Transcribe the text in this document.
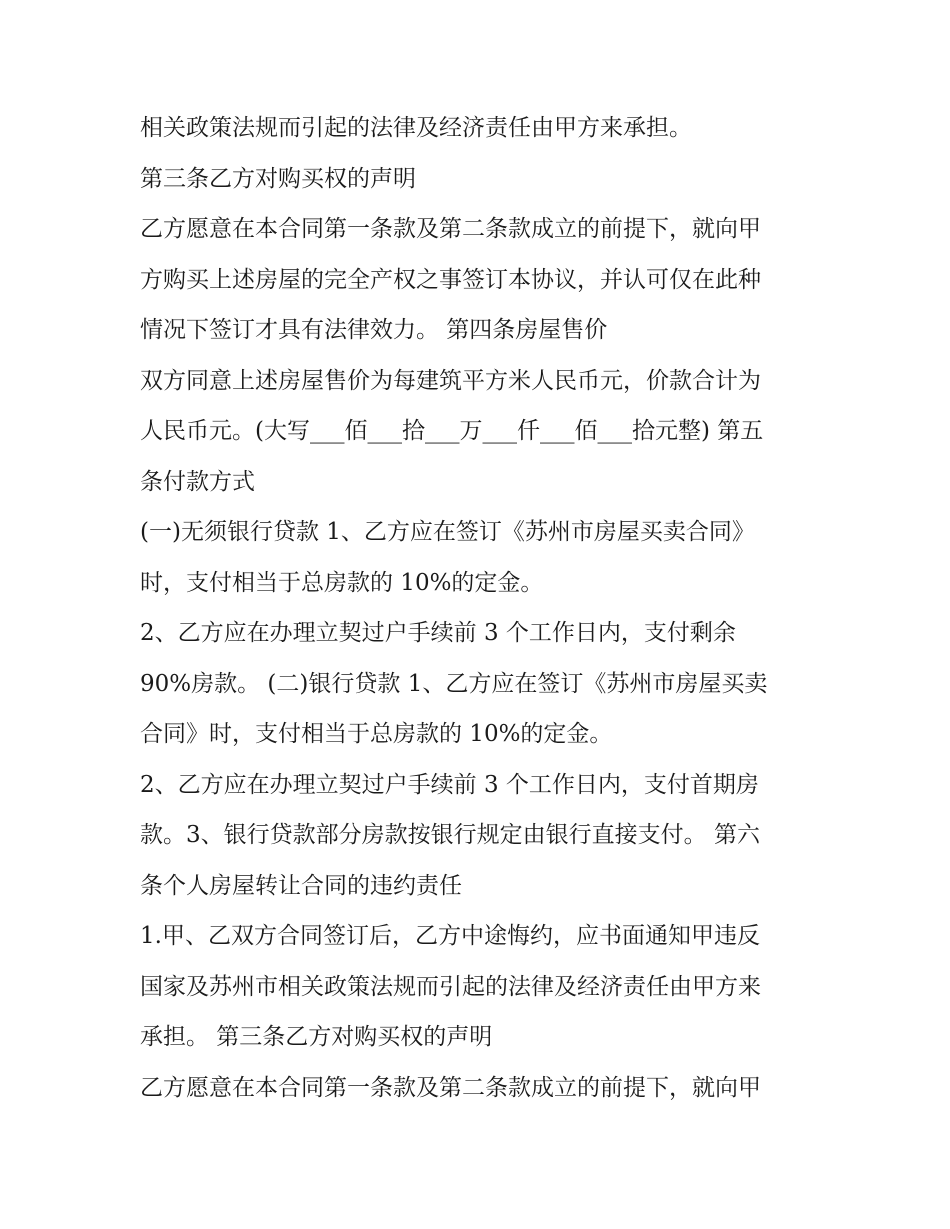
相关政策法规而引起的法律及经济责任由甲方来承担。
第三条乙方对购买权的声明
乙方愿意在本合同第一条款及第二条款成立的前提下，就向甲
方购买上述房屋的完全产权之事签订本协议，并认可仅在此种
情况下签订才具有法律效力。 第四条房屋售价
双方同意上述房屋售价为每建筑平方米人民币元，价款合计为
人民币元。(大写___佰___拾___万___仟___佰___拾元整) 第五
条付款方式
(一)无须银行贷款 1、乙方应在签订《苏州市房屋买卖合同》
时，支付相当于总房款的 10%的定金。
2、乙方应在办理立契过户手续前 3 个工作日内，支付剩余
90%房款。 (二)银行贷款 1、乙方应在签订《苏州市房屋买卖
合同》时，支付相当于总房款的 10%的定金。
2、乙方应在办理立契过户手续前 3 个工作日内，支付首期房
款。3、银行贷款部分房款按银行规定由银行直接支付。 第六
条个人房屋转让合同的违约责任
1.甲、乙双方合同签订后，乙方中途悔约，应书面通知甲违反
国家及苏州市相关政策法规而引起的法律及经济责任由甲方来
承担。 第三条乙方对购买权的声明
乙方愿意在本合同第一条款及第二条款成立的前提下，就向甲
